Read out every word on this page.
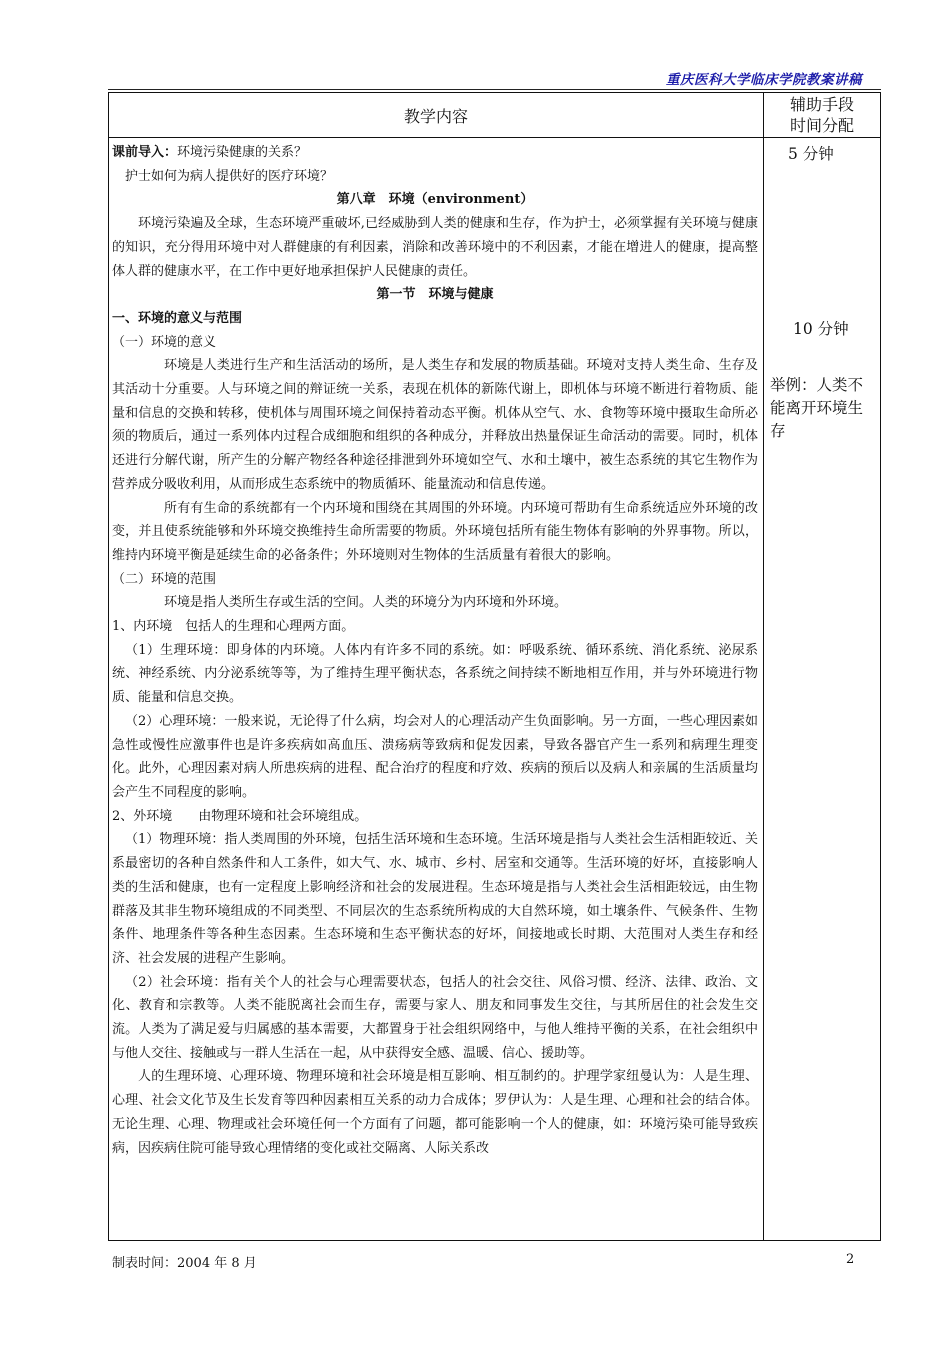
重庆医科大学临床学院教案讲稿
教学内容
辅助手段
时间分配

课前导入：环境污染健康的关系？

护士如何为病人提供好的医疗环境？

第八章　环境（environment）

环境污染遍及全球，生态环境严重破坏,已经威胁到人类的健康和生存，作为护士，必须掌握有关环境与健康的知识，充分得用环境中对人群健康的有利因素，消除和改善环境中的不利因素，才能在增进人的健康，提高整体人群的健康水平，在工作中更好地承担保护人民健康的责任。

第一节　环境与健康

一、环境的意义与范围

（一）环境的意义

环境是人类进行生产和生活活动的场所，是人类生存和发展的物质基础。环境对支持人类生命、生存及其活动十分重要。人与环境之间的辩证统一关系，表现在机体的新陈代谢上，即机体与环境不断进行着物质、能量和信息的交换和转移，使机体与周围环境之间保持着动态平衡。机体从空气、水、食物等环境中摄取生命所必须的物质后，通过一系列体内过程合成细胞和组织的各种成分，并释放出热量保证生命活动的需要。同时，机体还进行分解代谢，所产生的分解产物经各种途径排泄到外环境如空气、水和土壤中，被生态系统的其它生物作为营养成分吸收利用，从而形成生态系统中的物质循环、能量流动和信息传递。

所有有生命的系统都有一个内环境和围绕在其周围的外环境。内环境可帮助有生命系统适应外环境的改变，并且使系统能够和外环境交换维持生命所需要的物质。外环境包括所有能生物体有影响的外界事物。所以，维持内环境平衡是延续生命的必备条件；外环境则对生物体的生活质量有着很大的影响。

（二）环境的范围

环境是指人类所生存或生活的空间。人类的环境分为内环境和外环境。

1、内环境　包括人的生理和心理两方面。

（1）生理环境：即身体的内环境。人体内有许多不同的系统。如：呼吸系统、循环系统、消化系统、泌尿系统、神经系统、内分泌系统等等，为了维持生理平衡状态，各系统之间持续不断地相互作用，并与外环境进行物质、能量和信息交换。

（2）心理环境：一般来说，无论得了什么病，均会对人的心理活动产生负面影响。另一方面，一些心理因素如急性或慢性应激事件也是许多疾病如高血压、溃疡病等致病和促发因素，导致各器官产生一系列和病理生理变化。此外，心理因素对病人所患疾病的进程、配合治疗的程度和疗效、疾病的预后以及病人和亲属的生活质量均会产生不同程度的影响。

2、外环境　　由物理环境和社会环境组成。

（1）物理环境：指人类周围的外环境，包括生活环境和生态环境。生活环境是指与人类社会生活相距较近、关系最密切的各种自然条件和人工条件，如大气、水、城市、乡村、居室和交通等。生活环境的好坏，直接影响人类的生活和健康，也有一定程度上影响经济和社会的发展进程。生态环境是指与人类社会生活相距较远，由生物群落及其非生物环境组成的不同类型、不同层次的生态系统所构成的大自然环境，如土壤条件、气候条件、生物条件、地理条件等各种生态因素。生态环境和生态平衡状态的好坏，间接地或长时期、大范围对人类生存和经济、社会发展的进程产生影响。

（2）社会环境：指有关个人的社会与心理需要状态，包括人的社会交往、风俗习惯、经济、法律、政治、文化、教育和宗教等。人类不能脱离社会而生存，需要与家人、朋友和同事发生交往，与其所居住的社会发生交流。人类为了满足爱与归属感的基本需要，大都置身于社会组织网络中，与他人维持平衡的关系，在社会组织中与他人交往、接触或与一群人生活在一起，从中获得安全感、温暖、信心、援助等。

人的生理环境、心理环境、物理环境和社会环境是相互影响、相互制约的。护理学家纽曼认为：人是生理、心理、社会文化节及生长发育等四种因素相互关系的动力合成体；罗伊认为：人是生理、心理和社会的结合体。无论生理、心理、物理或社会环境任何一个方面有了问题，都可能影响一个人的健康，如：环境污染可能导致疾病，因疾病住院可能导致心理情绪的变化或社交隔离、人际关系改

5 分钟
10 分钟
举例：人类不能离开环境生存
制表时间：2004 年 8 月	2
